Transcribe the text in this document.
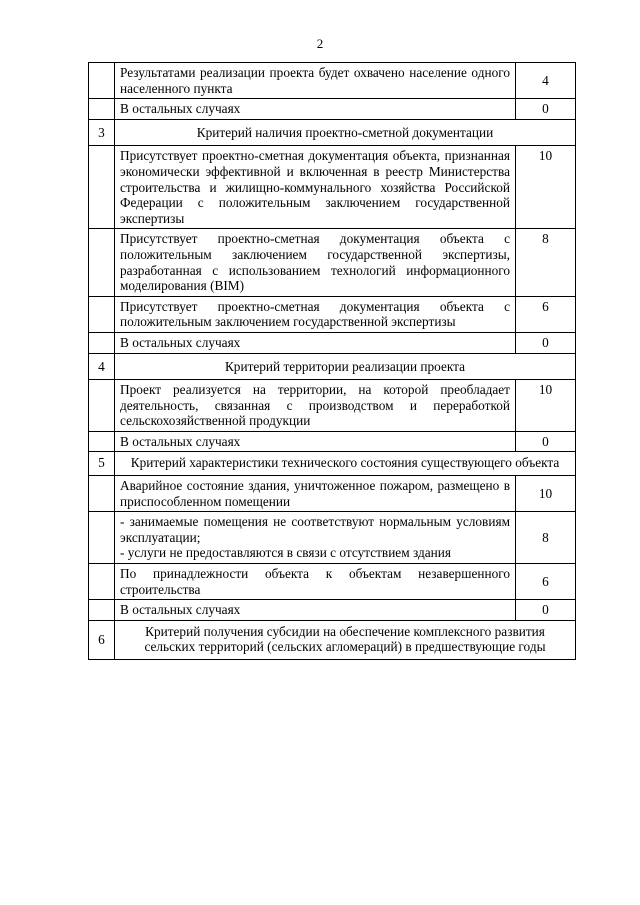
2
	Результатами реализации проекта будет охвачено население одного населенного пункта	4
	В остальных случаях	0
3	Критерий наличия проектно-сметной документации	
	Присутствует проектно-сметная документация объекта, признанная экономически эффективной и включенная в реестр Министерства строительства и жилищно-коммунального хозяйства Российской Федерации с положительным заключением государственной экспертизы	10
	Присутствует проектно-сметная документация объекта с положительным заключением государственной экспертизы, разработанная с использованием технологий информационного моделирования (BIM)	8
	Присутствует проектно-сметная документация объекта с положительным заключением государственной экспертизы	6
	В остальных случаях	0
4	Критерий территории реализации проекта	
	Проект реализуется на территории, на которой преобладает деятельность, связанная с производством и переработкой сельскохозяйственной продукции	10
	В остальных случаях	0
5	Критерий характеристики технического состояния существующего объекта	
	Аварийное состояние здания, уничтоженное пожаром, размещено в приспособленном помещении	10

	- занимаемые помещения не соответствуют нормальным условиям эксплуатации;
- услуги не предоставляются в связи с отсутствием здания	8
	По принадлежности объекта к объектам незавершенного строительства	6
	В остальных случаях	0
6	Критерий получения субсидии на обеспечение комплексного развития сельских территорий (сельских агломераций) в предшествующие годы	
